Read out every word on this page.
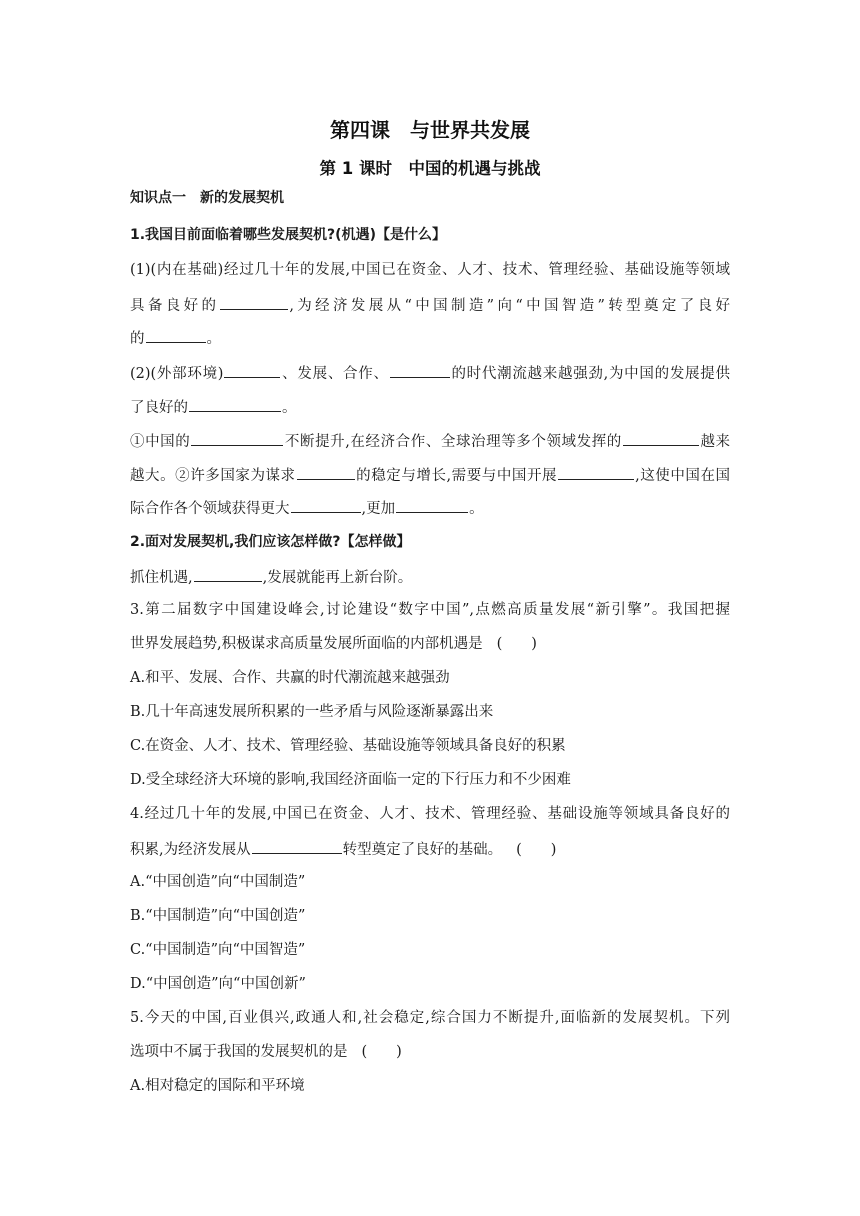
第四课　与世界共发展
第 1 课时　中国的机遇与挑战
知识点一　新的发展契机
1.我国目前面临着哪些发展契机?(机遇)【是什么】
(1)(内在基础)经过几十年的发展,中国已在资金、人才、技术、管理经验、基础设施等领域
具备良好的	,为经济发展从“中国制造”向“中国智造”转型奠定了良好
的	。
(2)(外部环境)	、发展、合作、	的时代潮流越来越强劲,为中国的发展提供
了良好的	。
①中国的	不断提升,在经济合作、全球治理等多个领域发挥的	越来
越大。②许多国家为谋求	的稳定与增长,需要与中国开展	,这使中国在国
际合作各个领域获得更大	,更加	。
2.面对发展契机,我们应该怎样做?【怎样做】
抓住机遇,	,发展就能再上新台阶。
3.第二届数字中国建设峰会,讨论建设“数字中国”,点燃高质量发展“新引擎”。我国把握
世界发展趋势,积极谋求高质量发展所面临的内部机遇是 (　　)
A.和平、发展、合作、共赢的时代潮流越来越强劲
B.几十年高速发展所积累的一些矛盾与风险逐渐暴露出来
C.在资金、人才、技术、管理经验、基础设施等领域具备良好的积累
D.受全球经济大环境的影响,我国经济面临一定的下行压力和不少困难
4.经过几十年的发展,中国已在资金、人才、技术、管理经验、基础设施等领域具备良好的
积累,为经济发展从	转型奠定了良好的基础。 (　　)
A.“中国创造”向“中国制造”
B.“中国制造”向“中国创造”
C.“中国制造”向“中国智造”
D.“中国创造”向“中国创新”
5.今天的中国,百业俱兴,政通人和,社会稳定,综合国力不断提升,面临新的发展契机。下列
选项中不属于我国的发展契机的是 (　　)
A.相对稳定的国际和平环境
